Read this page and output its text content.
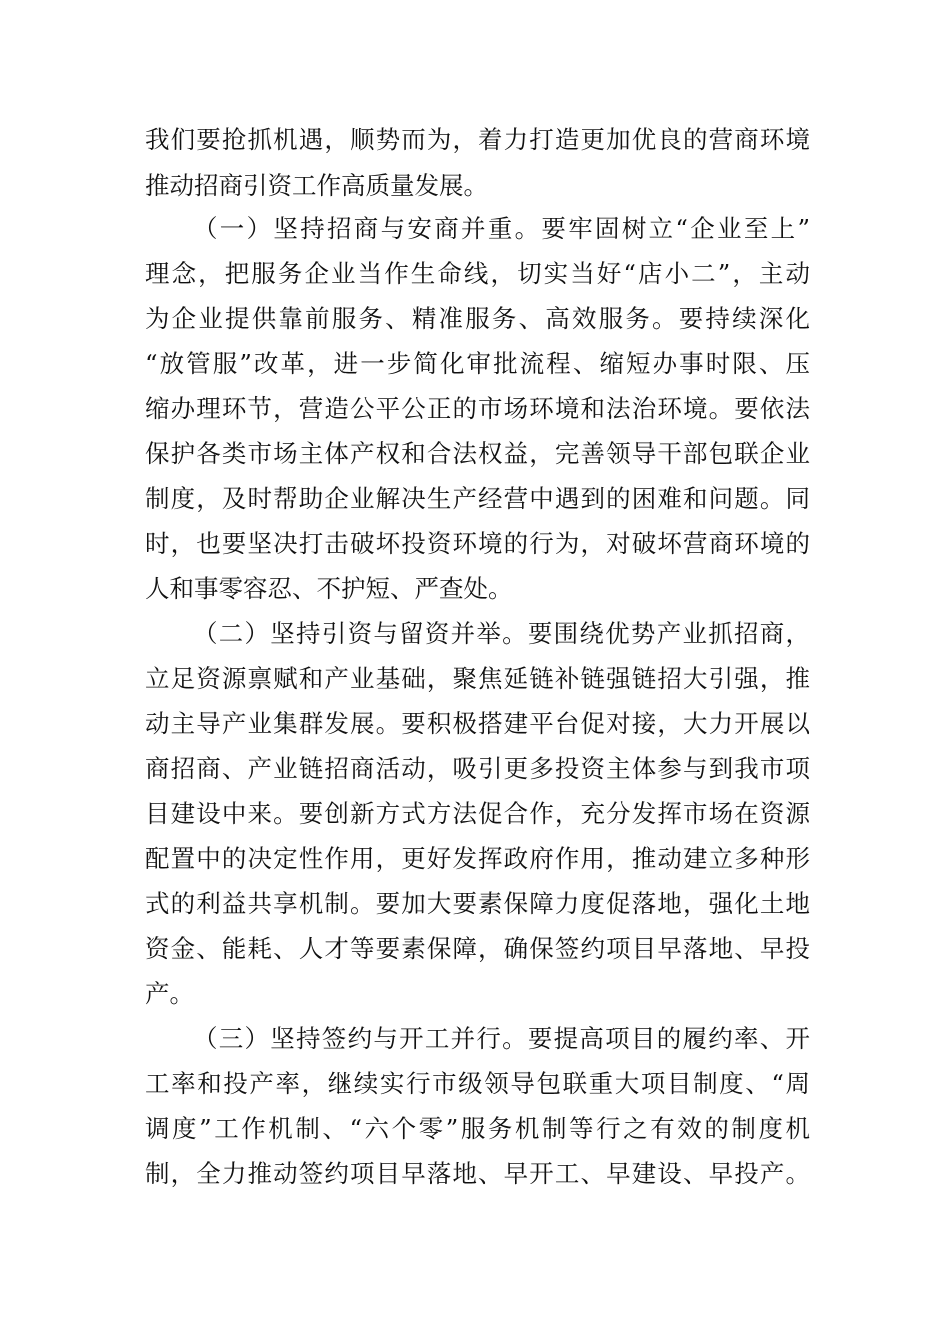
我们要抢抓机遇，顺势而为，着力打造更加优良的营商环境
推动招商引资工作高质量发展。
（一）坚持招商与安商并重。要牢固树立“企业至上”
理念，把服务企业当作生命线，切实当好“店小二”，主动
为企业提供靠前服务、精准服务、高效服务。要持续深化
“放管服”改革，进一步简化审批流程、缩短办事时限、压
缩办理环节，营造公平公正的市场环境和法治环境。要依法
保护各类市场主体产权和合法权益，完善领导干部包联企业
制度，及时帮助企业解决生产经营中遇到的困难和问题。同
时，也要坚决打击破坏投资环境的行为，对破坏营商环境的
人和事零容忍、不护短、严查处。
（二）坚持引资与留资并举。要围绕优势产业抓招商，
立足资源禀赋和产业基础，聚焦延链补链强链招大引强，推
动主导产业集群发展。要积极搭建平台促对接，大力开展以
商招商、产业链招商活动，吸引更多投资主体参与到我市项
目建设中来。要创新方式方法促合作，充分发挥市场在资源
配置中的决定性作用，更好发挥政府作用，推动建立多种形
式的利益共享机制。要加大要素保障力度促落地，强化土地
资金、能耗、人才等要素保障，确保签约项目早落地、早投
产。
（三）坚持签约与开工并行。要提高项目的履约率、开
工率和投产率，继续实行市级领导包联重大项目制度、“周
调度”工作机制、“六个零”服务机制等行之有效的制度机
制，全力推动签约项目早落地、早开工、早建设、早投产。
